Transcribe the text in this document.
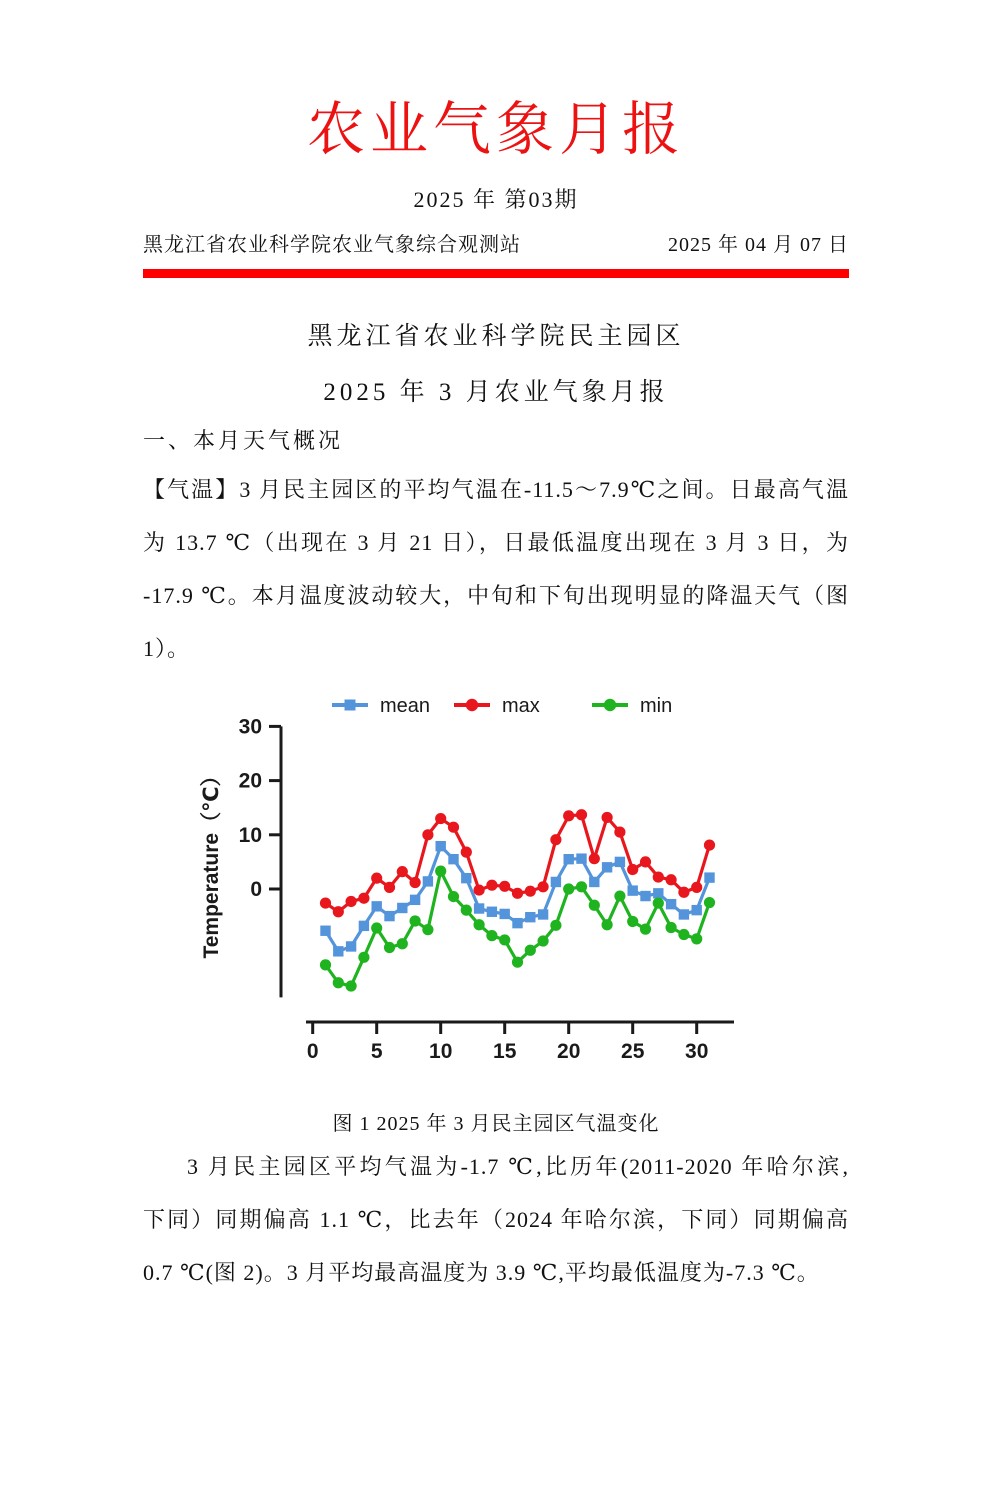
农业气象月报
2025 年 第03期
黑龙江省农业科学院农业气象综合观测站	2025 年 04 月 07 日
黑龙江省农业科学院民主园区
2025 年 3 月农业气象月报
一、本月天气概况
【气温】3 月民主园区的平均气温在-11.5～7.9℃之间。日最高气温
为 13.7 ℃（出现在 3 月 21 日），日最低温度出现在 3 月 3 日，为
-17.9 ℃。本月温度波动较大，中旬和下旬出现明显的降温天气（图
1）。
0
10
20
30
Temperature（℃）
0 5 10 15 20 25 30
mean	max	min
图 1 2025 年 3 月民主园区气温变化
3 月民主园区平均气温为-1.7 ℃,比历年(2011-2020 年哈尔滨,
下同）同期偏高 1.1 ℃，比去年（2024 年哈尔滨，下同）同期偏高
0.7 ℃(图 2)。3 月平均最高温度为 3.9 ℃,平均最低温度为-7.3 ℃。
